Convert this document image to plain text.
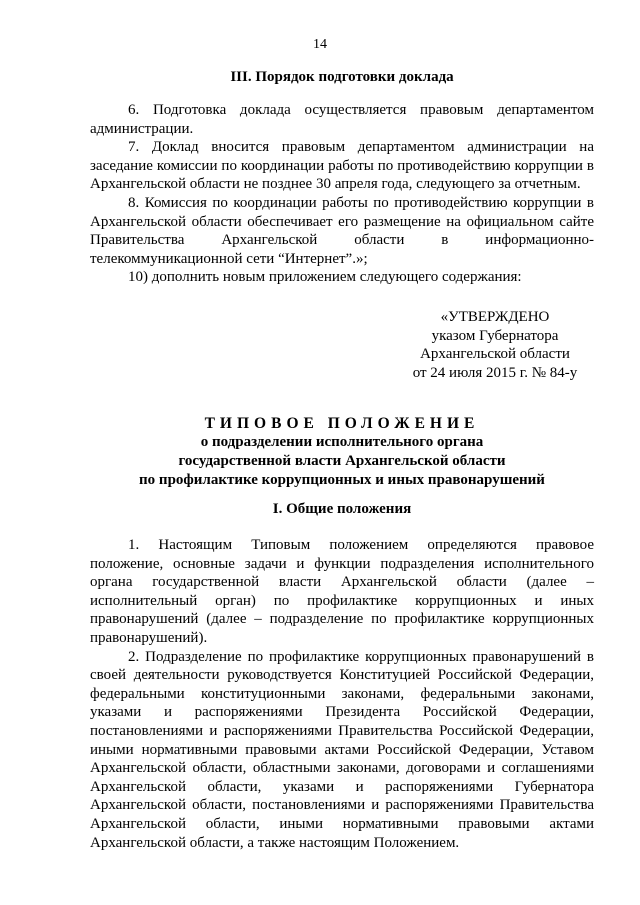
14

III. Порядок подготовки доклада

6. Подготовка доклада осуществляется правовым департаментом администрации.

7. Доклад вносится правовым департаментом администрации на заседание комиссии по координации работы по противодействию коррупции в Архангельской области не позднее 30 апреля года, следующего за отчетным.

8. Комиссия по координации работы по противодействию коррупции в Архангельской области обеспечивает его размещение на официальном сайте Правительства Архангельской области в информационно-телекоммуникационной сети “Интернет”.»;

10) дополнить новым приложением следующего содержания:

«УТВЕРЖДЕНО
указом Губернатора
Архангельской области
от 24 июля 2015 г. № 84-у

ТИПОВОЕ ПОЛОЖЕНИЕ

о подразделении исполнительного органа

государственной власти Архангельской области

по профилактике коррупционных и иных правонарушений

I. Общие положения

1. Настоящим Типовым положением определяются правовое положение, основные задачи и функции подразделения исполнительного органа государственной власти Архангельской области (далее – исполнительный орган) по профилактике коррупционных и иных правонарушений (далее – подразделение по профилактике коррупционных правонарушений).

2. Подразделение по профилактике коррупционных правонарушений в своей деятельности руководствуется Конституцией Российской Федерации, федеральными конституционными законами, федеральными законами, указами и распоряжениями Президента Российской Федерации, постановлениями и распоряжениями Правительства Российской Федерации, иными нормативными правовыми актами Российской Федерации, Уставом Архангельской области, областными законами, договорами и соглашениями Архангельской области, указами и распоряжениями Губернатора Архангельской области, постановлениями и распоряжениями Правительства Архангельской области, иными нормативными правовыми актами Архангельской области, а также настоящим Положением.
